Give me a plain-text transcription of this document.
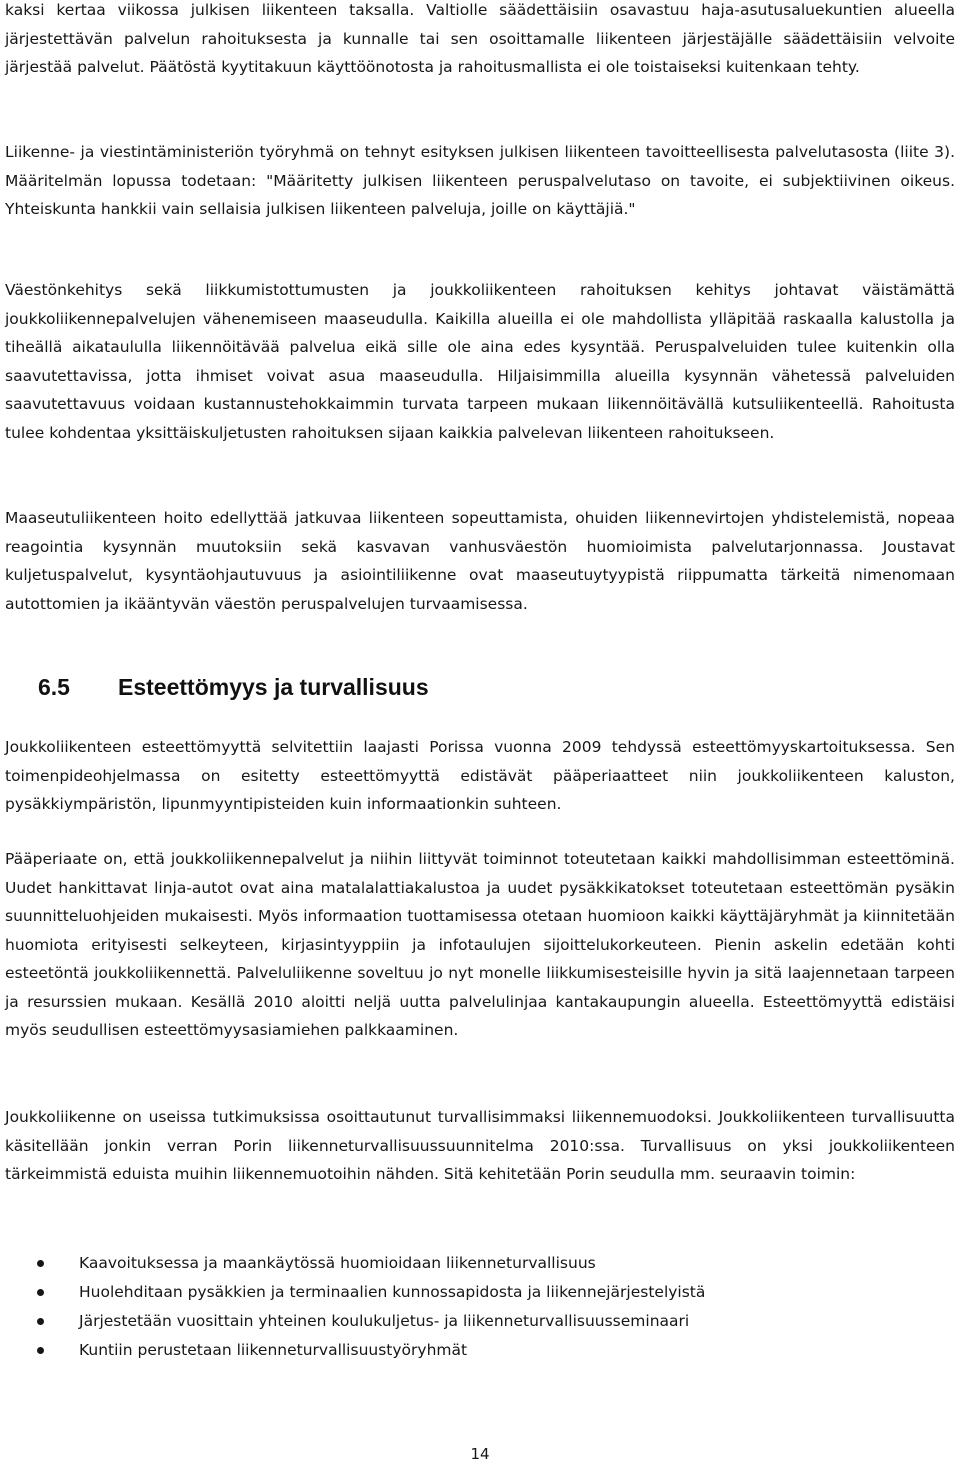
kaksi kertaa viikossa julkisen liikenteen taksalla. Valtiolle säädettäisiin osavastuu haja-asutusaluekuntien alueella järjestettävän palvelun rahoituksesta ja kunnalle tai sen osoittamalle liikenteen järjestäjälle säädettäisiin velvoite järjestää palvelut. Päätöstä kyytitakuun käyttöönotosta ja rahoitusmallista ei ole toistaiseksi kuitenkaan tehty.

Liikenne- ja viestintäministeriön työryhmä on tehnyt esityksen julkisen liikenteen tavoitteellisesta palvelutasosta (liite 3). Määritelmän lopussa todetaan: "Määritetty julkisen liikenteen peruspalvelutaso on tavoite, ei subjektiivinen oikeus. Yhteiskunta hankkii vain sellaisia julkisen liikenteen palveluja, joille on käyttäjiä."

Väestönkehitys sekä liikkumistottumusten ja joukkoliikenteen rahoituksen kehitys johtavat väistämättä joukkoliikennepalvelujen vähenemiseen maaseudulla. Kaikilla alueilla ei ole mahdollista ylläpitää raskaalla kalustolla ja tiheällä aikataululla liikennöitävää palvelua eikä sille ole aina edes kysyntää. Peruspalveluiden tulee kuitenkin olla saavutettavissa, jotta ihmiset voivat asua maaseudulla. Hiljaisimmilla alueilla kysynnän vähetessä palveluiden saavutettavuus voidaan kustannustehokkaimmin turvata tarpeen mukaan liikennöitävällä kutsuliikenteellä. Rahoitusta tulee kohdentaa yksittäiskuljetusten rahoituksen sijaan kaikkia palvelevan liikenteen rahoitukseen.

Maaseutuliikenteen hoito edellyttää jatkuvaa liikenteen sopeuttamista, ohuiden liikennevirtojen yhdistelemistä, nopeaa reagointia kysynnän muutoksiin sekä kasvavan vanhusväestön huomioimista palvelutarjonnassa. Joustavat kuljetuspalvelut, kysyntäohjautuvuus ja asiointiliikenne ovat maaseutuytyypistä riippumatta tärkeitä nimenomaan autottomien ja ikääntyvän väestön peruspalvelujen turvaamisessa.

6.5 Esteettömyys ja turvallisuus

Joukkoliikenteen esteettömyyttä selvitettiin laajasti Porissa vuonna 2009 tehdyssä esteettömyyskartoituksessa. Sen toimenpideohjelmassa on esitetty esteettömyyttä edistävät pääperiaatteet niin joukkoliikenteen kaluston, pysäkkiympäristön, lipunmyyntipisteiden kuin informaationkin suhteen.

Pääperiaate on, että joukkoliikennepalvelut ja niihin liittyvät toiminnot toteutetaan kaikki mahdollisimman esteettöminä. Uudet hankittavat linja-autot ovat aina matalalattiakalustoa ja uudet pysäkkikatokset toteutetaan esteettömän pysäkin suunnitteluohjeiden mukaisesti. Myös informaation tuottamisessa otetaan huomioon kaikki käyttäjäryhmät ja kiinnitetään huomiota erityisesti selkeyteen, kirjasintyyppiin ja infotaulujen sijoittelukorkeuteen. Pienin askelin edetään kohti esteetöntä joukkoliikennettä. Palveluliikenne soveltuu jo nyt monelle liikkumisesteisille hyvin ja sitä laajennetaan tarpeen ja resurssien mukaan. Kesällä 2010 aloitti neljä uutta palvelulinjaa kantakaupungin alueella. Esteettömyyttä edistäisi myös seudullisen esteettömyysasiamiehen palkkaaminen.

Joukkoliikenne on useissa tutkimuksissa osoittautunut turvallisimmaksi liikennemuodoksi. Joukkoliikenteen turvallisuutta käsitellään jonkin verran Porin liikenneturvallisuussuunnitelma 2010:ssa. Turvallisuus on yksi joukkoliikenteen tärkeimmistä eduista muihin liikennemuotoihin nähden. Sitä kehitetään Porin seudulla mm. seuraavin toimin:

Kaavoituksessa ja maankäytössä huomioidaan liikenneturvallisuus
Huolehditaan pysäkkien ja terminaalien kunnossapidosta ja liikennejärjestelyistä
Järjestetään vuosittain yhteinen koulukuljetus- ja liikenneturvallisuusseminaari
Kuntiin perustetaan liikenneturvallisuustyöryhmät
14
